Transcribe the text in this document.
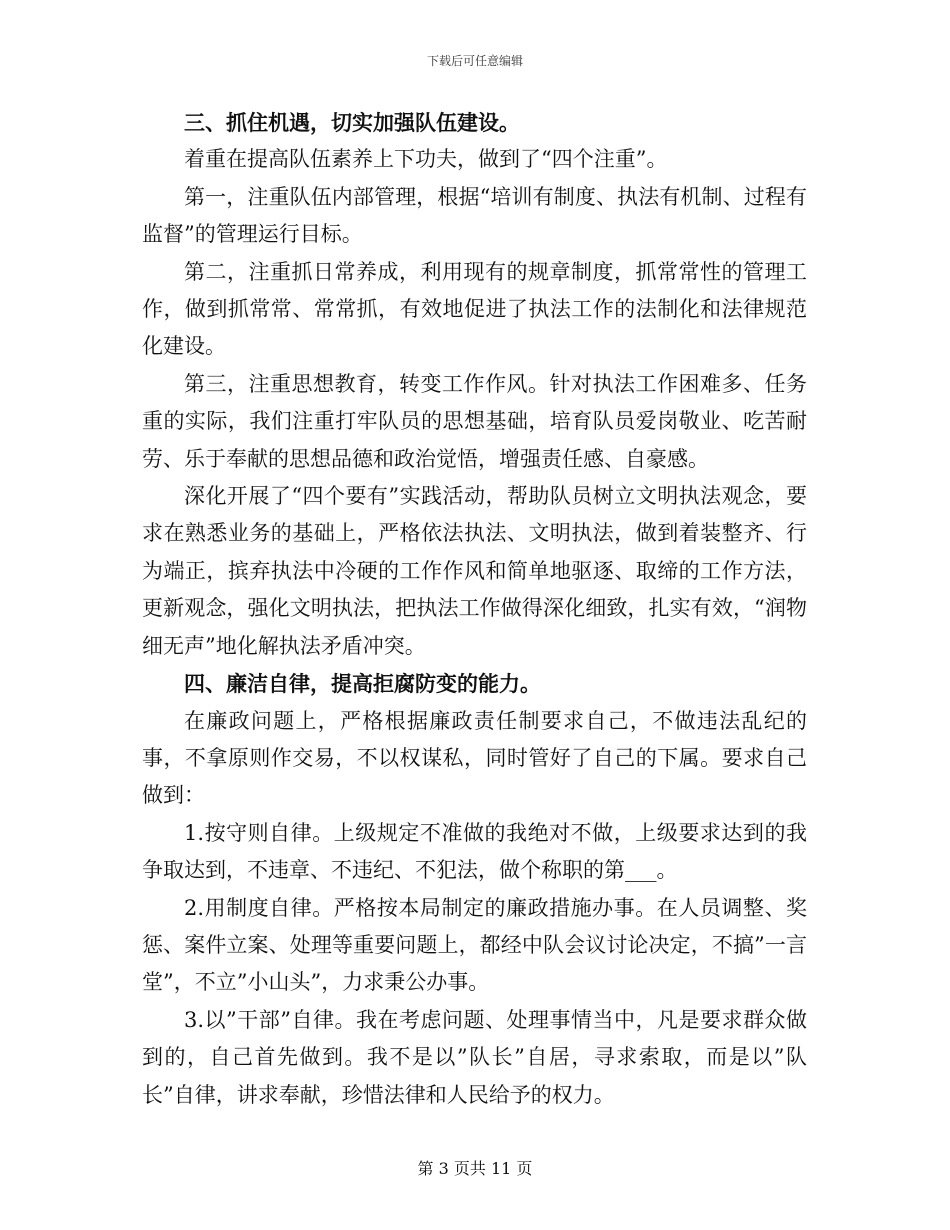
下载后可任意编辑

三、抓住机遇，切实加强队伍建设。

着重在提高队伍素养上下功夫，做到了“四个注重”。

第一，注重队伍内部管理，根据“培训有制度、执法有机制、过程有监督”的管理运行目标。

第二，注重抓日常养成，利用现有的规章制度，抓常常性的管理工作，做到抓常常、常常抓，有效地促进了执法工作的法制化和法律规范化建设。

第三，注重思想教育，转变工作作风。针对执法工作困难多、任务重的实际，我们注重打牢队员的思想基础，培育队员爱岗敬业、吃苦耐劳、乐于奉献的思想品德和政治觉悟，增强责任感、自豪感。

深化开展了“四个要有”实践活动，帮助队员树立文明执法观念，要求在熟悉业务的基础上，严格依法执法、文明执法，做到着装整齐、行为端正，摈弃执法中冷硬的工作作风和简单地驱逐、取缔的工作方法，更新观念，强化文明执法，把执法工作做得深化细致，扎实有效，“润物细无声”地化解执法矛盾冲突。

四、廉洁自律，提高拒腐防变的能力。

在廉政问题上，严格根据廉政责任制要求自己，不做违法乱纪的事，不拿原则作交易，不以权谋私，同时管好了自己的下属。要求自己做到：

1.按守则自律。上级规定不准做的我绝对不做，上级要求达到的我争取达到，不违章、不违纪、不犯法，做个称职的第___。

2.用制度自律。严格按本局制定的廉政措施办事。在人员调整、奖惩、案件立案、处理等重要问题上，都经中队会议讨论决定，不搞”一言堂”，不立”小山头”，力求秉公办事。

3.以”干部”自律。我在考虑问题、处理事情当中，凡是要求群众做到的，自己首先做到。我不是以”队长”自居，寻求索取，而是以”队长”自律，讲求奉献，珍惜法律和人民给予的权力。

第 3 页共 11 页
